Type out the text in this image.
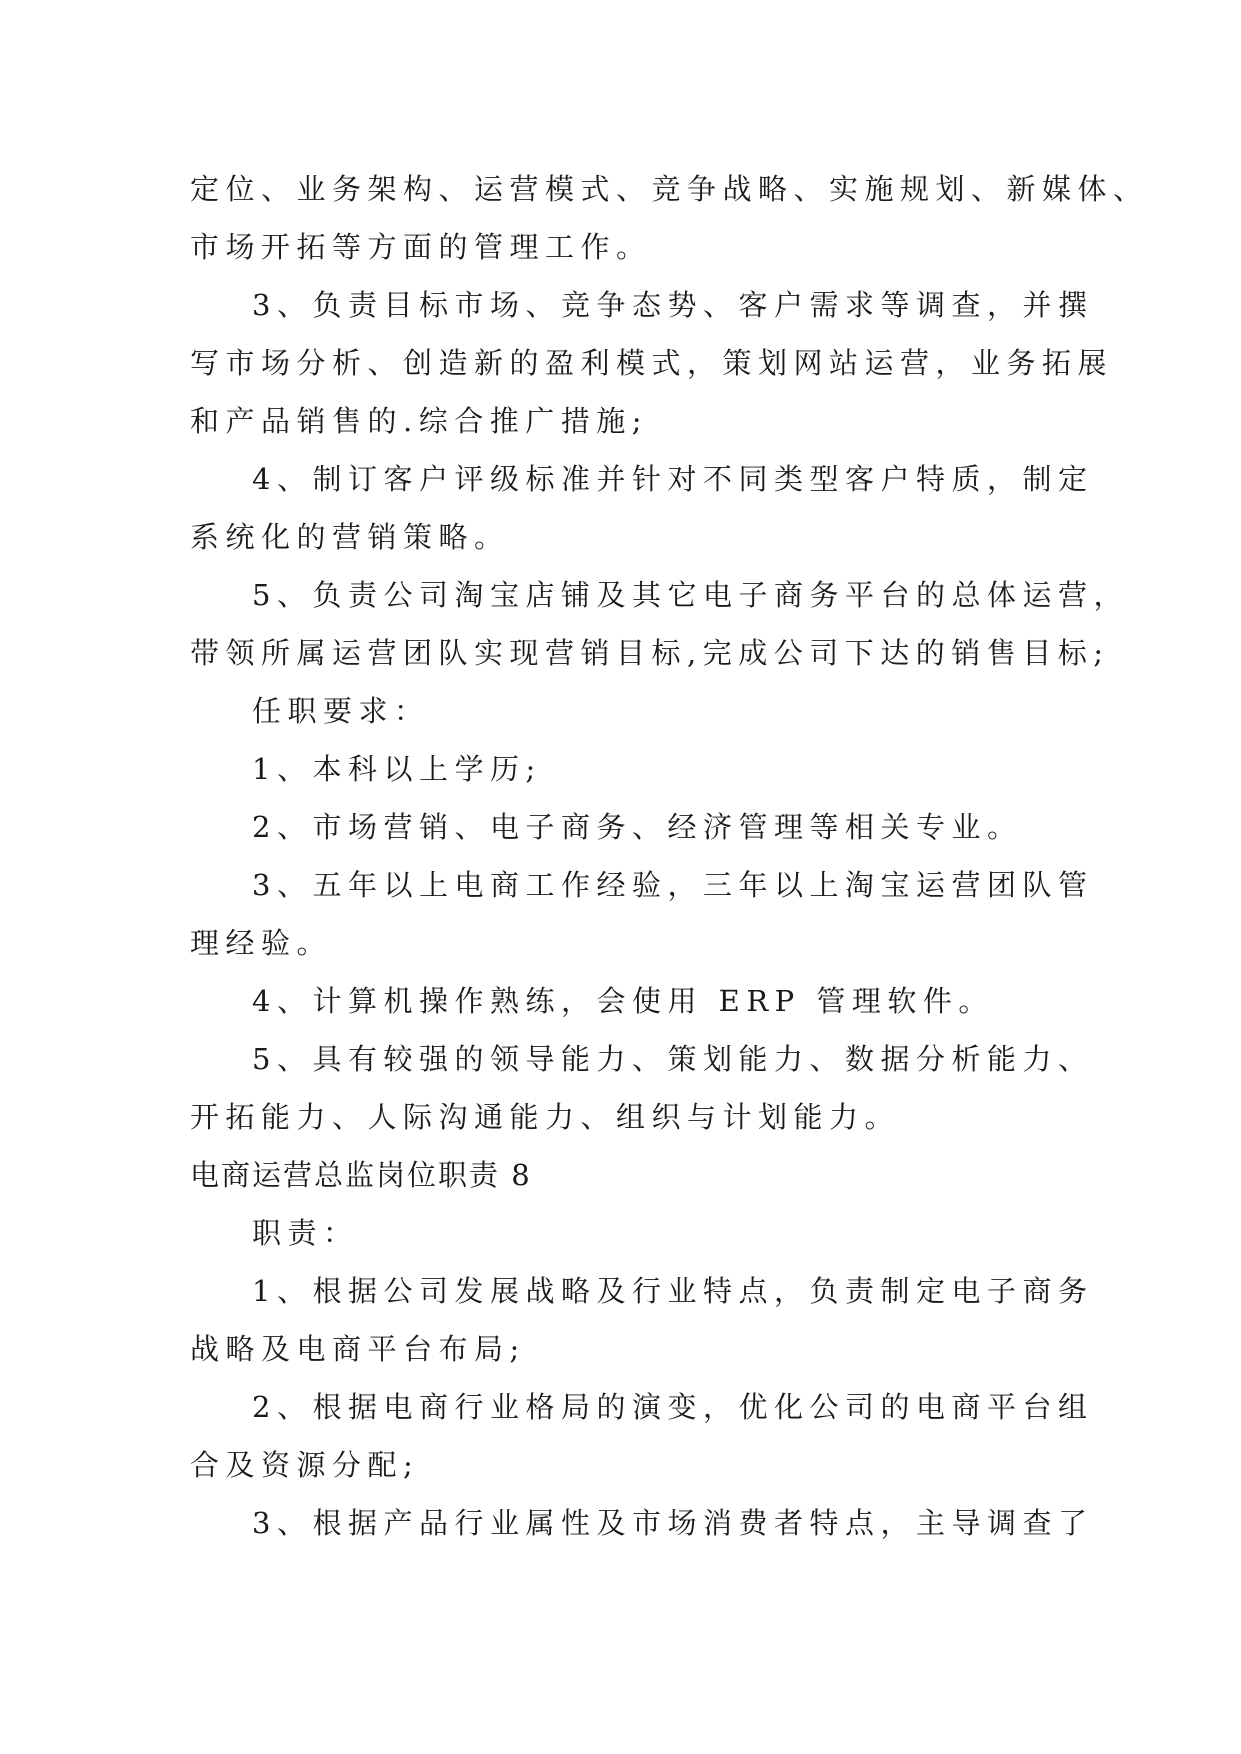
定位、业务架构、运营模式、竞争战略、实施规划、新媒体、
市场开拓等方面的管理工作。
3、负责目标市场、竞争态势、客户需求等调查，并撰
写市场分析、创造新的盈利模式，策划网站运营，业务拓展
和产品销售的.综合推广措施;
4、制订客户评级标准并针对不同类型客户特质，制定
系统化的营销策略。
5、负责公司淘宝店铺及其它电子商务平台的总体运营，
带领所属运营团队实现营销目标,完成公司下达的销售目标;
任职要求：
1、本科以上学历;
2、市场营销、电子商务、经济管理等相关专业。
3、五年以上电商工作经验，三年以上淘宝运营团队管
理经验。
4、计算机操作熟练，会使用 ERP 管理软件。
5、具有较强的领导能力、策划能力、数据分析能力、
开拓能力、人际沟通能力、组织与计划能力。
电商运营总监岗位职责 8
职责：
1、根据公司发展战略及行业特点，负责制定电子商务
战略及电商平台布局;
2、根据电商行业格局的演变，优化公司的电商平台组
合及资源分配;
3、根据产品行业属性及市场消费者特点，主导调查了
